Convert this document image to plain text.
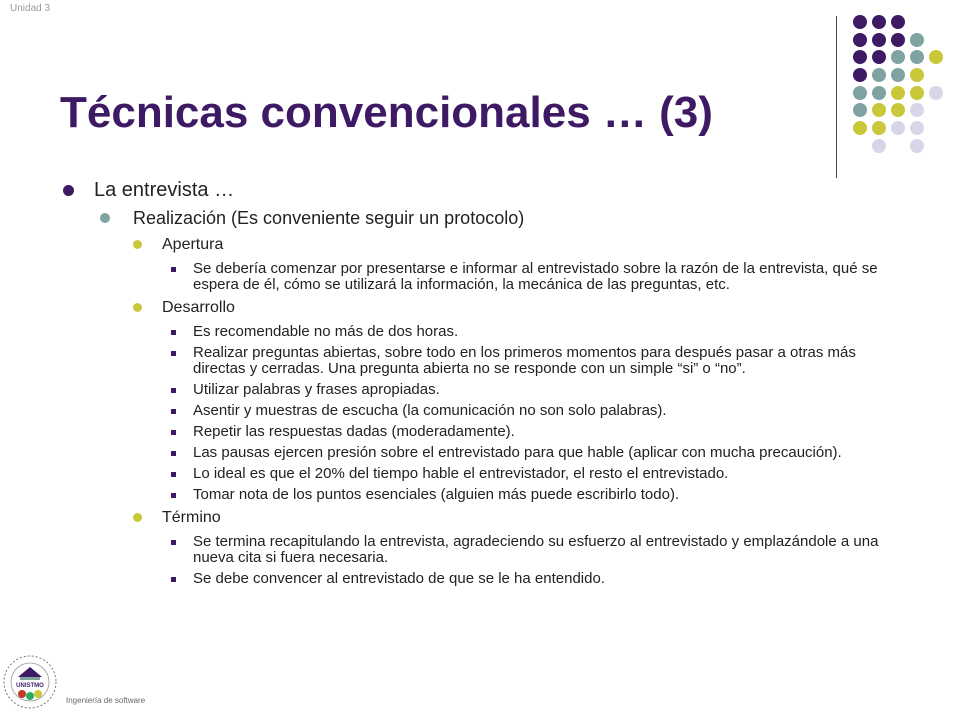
Unidad 3
Técnicas convencionales … (3)
La entrevista …
Realización (Es conveniente seguir un protocolo)
Apertura
Se debería comenzar por presentarse e informar al entrevistado sobre la razón de la entrevista, qué se espera de él, cómo se utilizará la información, la mecánica de las preguntas, etc.
Desarrollo
Es recomendable no más de dos horas.
Realizar preguntas abiertas, sobre todo en los primeros momentos para después pasar a otras más directas y cerradas. Una pregunta abierta no se responde con un simple “si” o “no”.
Utilizar palabras y frases apropiadas.
Asentir y muestras de escucha (la comunicación no son solo palabras).
Repetir las respuestas dadas (moderadamente).
Las pausas ejercen presión sobre el entrevistado para que hable (aplicar con mucha precaución).
Lo ideal es que el 20% del tiempo hable el entrevistador, el resto el entrevistado.
Tomar nota de los puntos esenciales (alguien más puede escribirlo todo).
Término
Se termina recapitulando la entrevista, agradeciendo su esfuerzo al entrevistado y emplazándole a una nueva cita si fuera necesaria.
Se debe convencer al entrevistado de que se le ha entendido.
UNISTMO
Ingeniería de software
